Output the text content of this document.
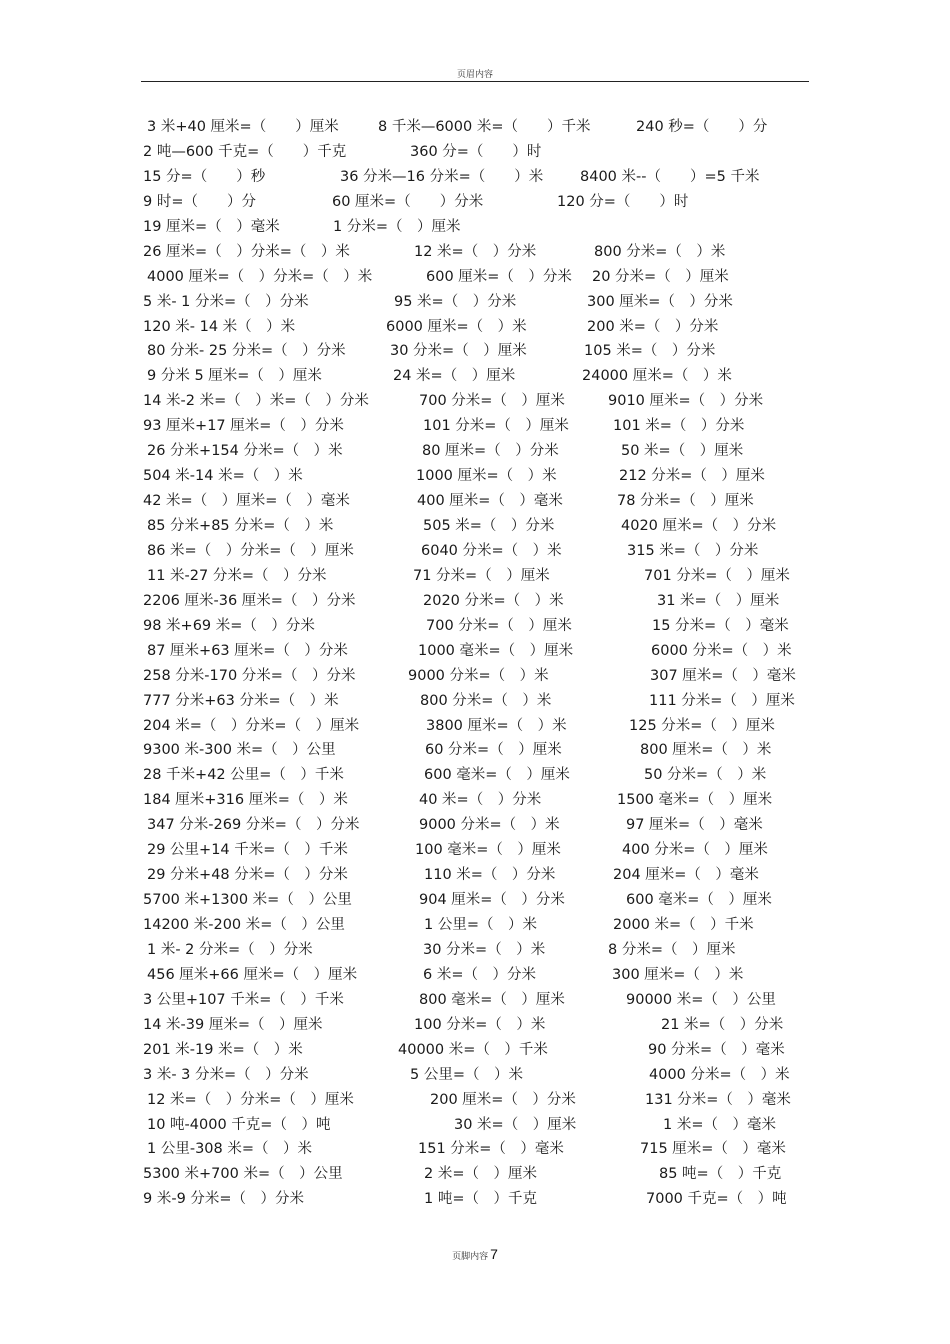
页眉内容
3 米+40 厘米=（　　）厘米	8 千米—6000 米=（　　）千米	240 秒=（　　）分
2 吨—600 千克=（　　）千克	360 分=（　　）时
15 分=（　　）秒	36 分米—16 分米=（　　）米	8400 米--（　　）=5 千米
9 时=（　　）分	60 厘米=（　　）分米	120 分=（　　）时
19 厘米=（　）毫米	1 分米=（　）厘米
26 厘米=（　）分米=（　）米	12 米=（　）分米	800 分米=（　）米
4000 厘米=（　）分米=（　）米	600 厘米=（　）分米 20 分米=（　）厘米
5 米- 1 分米=（　）分米	95 米=（　）分米	300 厘米=（　）分米
120 米- 14 米（　）米	6000 厘米=（　）米	200 米=（　）分米
80 分米- 25 分米=（　）分米	30 分米=（　）厘米	105 米=（　）分米
9 分米 5 厘米=（　）厘米	24 米=（　）厘米	24000 厘米=（　）米
14 米-2 米=（　）米=（　）分米	700 分米=（　）厘米	9010 厘米=（　）分米
93 厘米+17 厘米=（　）分米	101 分米=（　）厘米	101 米=（　）分米
26 分米+154 分米=（　）米	80 厘米=（　）分米	50 米=（　）厘米
504 米-14 米=（　）米	1000 厘米=（　）米	212 分米=（　）厘米
42 米=（　）厘米=（　）毫米	400 厘米=（　）毫米	78 分米=（　）厘米
85 分米+85 分米=（　）米	505 米=（　）分米	4020 厘米=（　）分米
86 米=（　）分米=（　）厘米	6040 分米=（　）米	315 米=（　）分米
11 米-27 分米=（　）分米	71 分米=（　）厘米	701 分米=（　）厘米
2206 厘米-36 厘米=（　）分米	2020 分米=（　）米	31 米=（　）厘米
98 米+69 米=（　）分米	700 分米=（　）厘米	15 分米=（　）毫米
87 厘米+63 厘米=（　）分米	1000 毫米=（　）厘米	6000 分米=（　）米
258 分米-170 分米=（　）分米	9000 分米=（　）米	307 厘米=（　）毫米
777 分米+63 分米=（　）米	800 分米=（　）米	111 分米=（　）厘米
204 米=（　）分米=（　）厘米	3800 厘米=（　）米	125 分米=（　）厘米
9300 米-300 米=（　）公里	60 分米=（　）厘米	800 厘米=（　）米
28 千米+42 公里=（　）千米	600 毫米=（　）厘米	50 分米=（　）米
184 厘米+316 厘米=（　）米	40 米=（　）分米	1500 毫米=（　）厘米
347 分米-269 分米=（　）分米	9000 分米=（　）米	97 厘米=（　）毫米
29 公里+14 千米=（　）千米	100 毫米=（　）厘米	400 分米=（　）厘米
29 分米+48 分米=（　）分米	110 米=（　）分米	204 厘米=（　）毫米
5700 米+1300 米=（　）公里	904 厘米=（　）分米	600 毫米=（　）厘米
14200 米-200 米=（　）公里	1 公里=（　）米	2000 米=（　）千米
1 米- 2 分米=（　）分米	30 分米=（　）米	8 分米=（　）厘米
456 厘米+66 厘米=（　）厘米	6 米=（　）分米	300 厘米=（　）米
3 公里+107 千米=（　）千米	800 毫米=（　）厘米	90000 米=（　）公里
14 米-39 厘米=（　）厘米	100 分米=（　）米	21 米=（　）分米
201 米-19 米=（　）米	40000 米=（　）千米	90 分米=（　）毫米
3 米- 3 分米=（　）分米	5 公里=（　）米	4000 分米=（　）米
12 米=（　）分米=（　）厘米	200 厘米=（　）分米	131 分米=（　）毫米
10 吨-4000 千克=（　）吨	30 米=（　）厘米	1 米=（　）毫米
1 公里-308 米=（　）米	151 分米=（　）毫米	715 厘米=（　）毫米
5300 米+700 米=（　）公里	2 米=（　）厘米	85 吨=（　）千克
9 米-9 分米=（　）分米	1 吨=（　）千克	7000 千克=（　）吨
页脚内容 7
